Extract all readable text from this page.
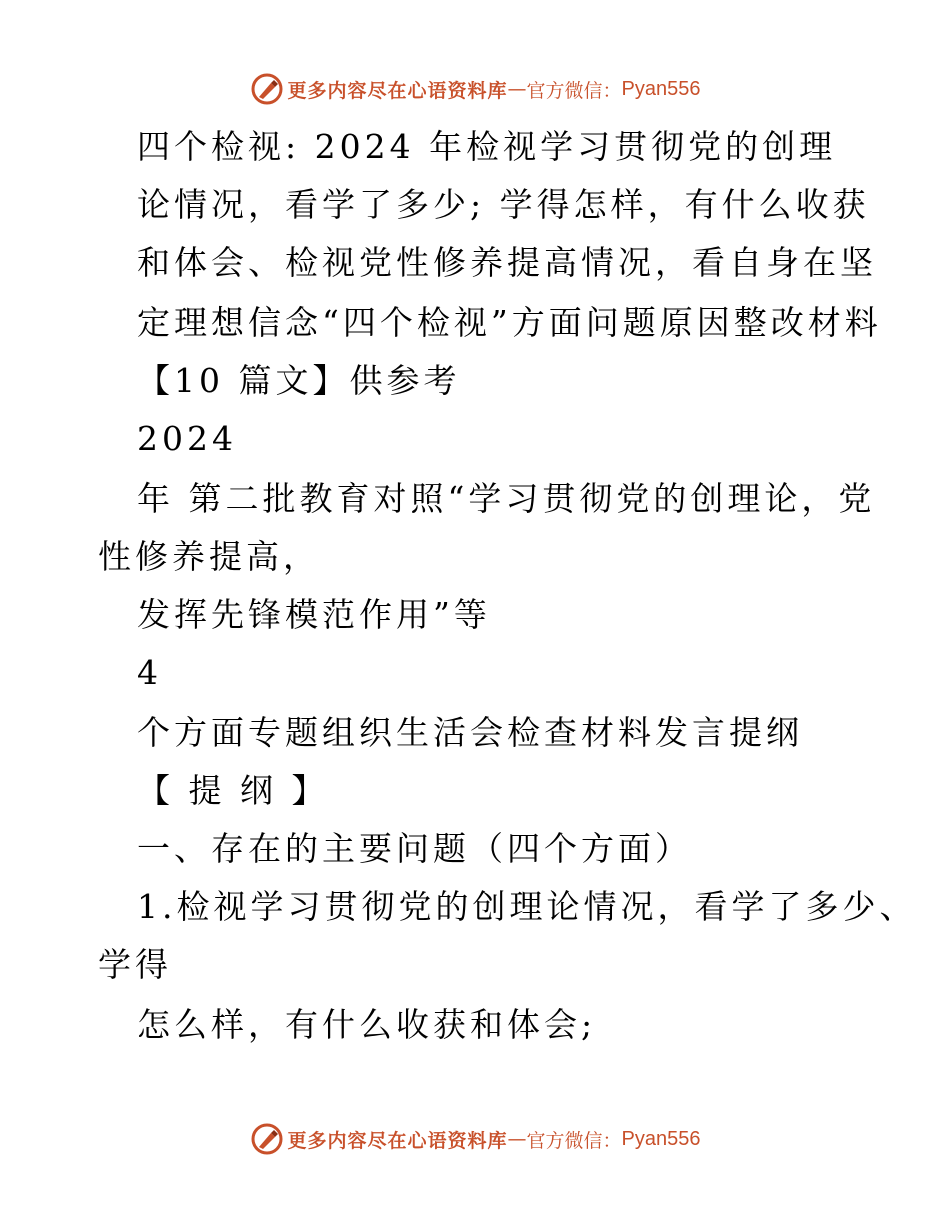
更多内容尽在心语资料库 — 官方微信： Pyan556
四个检视: 2024 年检视学习贯彻党的创理
论情况，看学了多少; 学得怎样，有什么收获
和体会、检视党性修养提高情况，看自身在坚
定理想信念“四个检视”方面问题原因整改材料
【10 篇文】供参考
2024
年 第二批教育对照“学习贯彻党的创理论，党
性修养提高，
发挥先锋模范作用”等
4
个方面专题组织生活会检查材料发言提纲
【 提 纲 】
一、存在的主要问题（四个方面）
1.检视学习贯彻党的创理论情况，看学了多少、
学得
怎么样，有什么收获和体会;
更多内容尽在心语资料库 — 官方微信： Pyan556
